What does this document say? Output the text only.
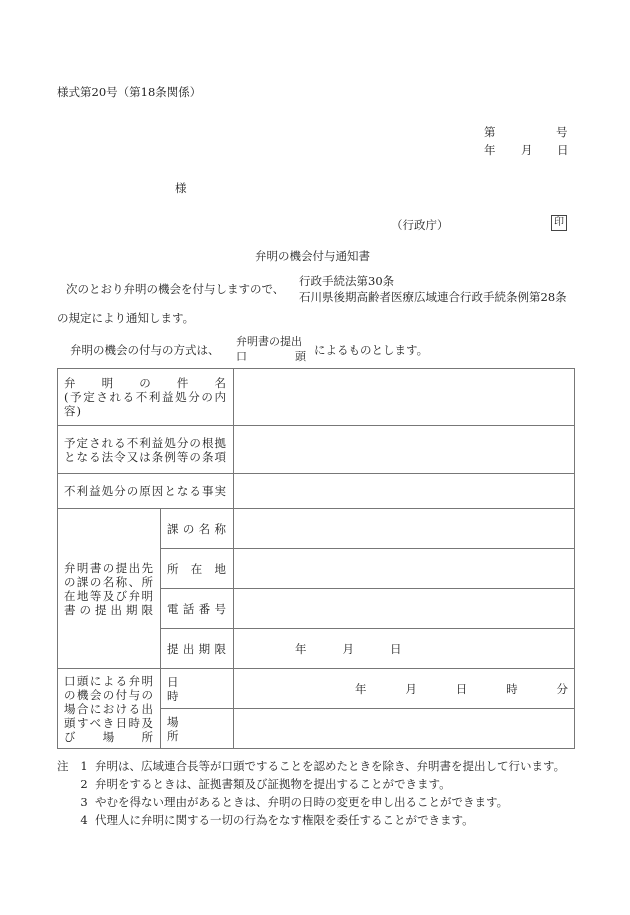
様式第20号（第18条関係）
第	号
年 月 日
様
（行政庁）	印
弁明の機会付与通知書
次のとおり弁明の機会を付与しますので、
行政手続法第30条
石川県後期高齢者医療広域連合行政手続条例第28条
の規定により通知します。
弁明の機会の付与の方式は、
弁明書の提出
口	頭 によるものとします。
弁　明　の　件　名
(予定される不利益処分の内容)		

予定される不利益処分の根拠となる法令又は条例等の条項		

不利益処分の原因となる事実		

弁明書の提出先の課の名称、所在地等及び弁明書の提出期限	課の名称	

	所在地	

	電話番号	

	提出期限	年 月 日

口頭による弁明の機会の付与の場合における出頭すべき日時及び場所	日　　　時	年 月 日 時 分

	場　　　所	

注	1 弁明は、広域連合長等が口頭ですることを認めたときを除き、弁明書を提出して行います。
2 弁明をするときは、証拠書類及び証拠物を提出することができます。
3 やむを得ない理由があるときは、弁明の日時の変更を申し出ることができます。
4 代理人に弁明に関する一切の行為をなす権限を委任することができます。
